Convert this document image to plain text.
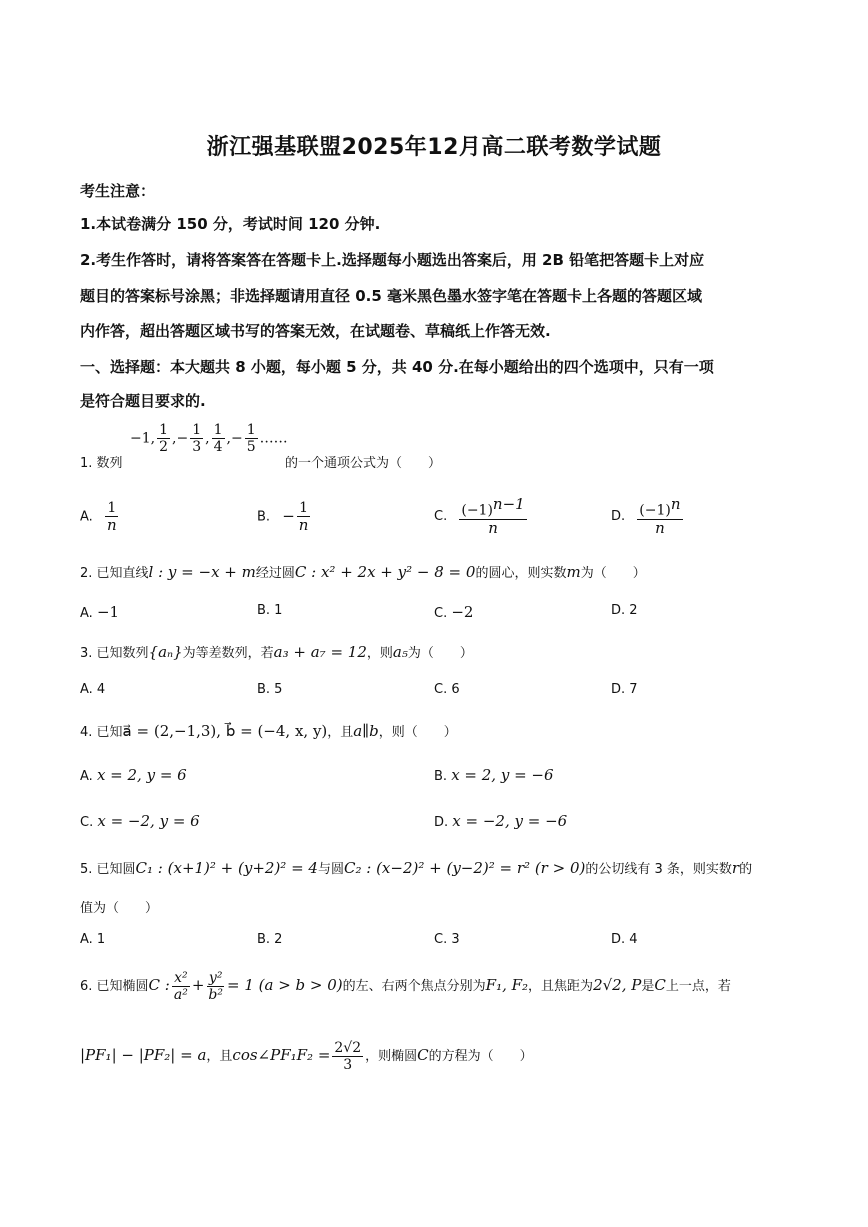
浙江强基联盟2025年12月高二联考数学试题
考生注意：
1.本试卷满分 150 分，考试时间 120 分钟.
2.考生作答时，请将答案答在答题卡上.选择题每小题选出答案后，用 2B 铅笔把答题卡上对应
题目的答案标号涂黑；非选择题请用直径 0.5 毫米黑色墨水签字笔在答题卡上各题的答题区域
内作答，超出答题区域书写的答案无效，在试题卷、草稿纸上作答无效.
一、选择题：本大题共 8 小题，每小题 5 分，共 40 分.在每小题给出的四个选项中，只有一项
是符合题目要求的.
1. 数列
−1, $\frac{1}{2}$ ,− $\frac{1}{3}$ , $\frac{1}{4}$ ,− $\frac{1}{5}$ ……
的一个通项公式为（　　）
A. $\frac{1}{n}$	B. − $\frac{1}{n}$	C. $\frac{(-1)^{n-1}}{n}$	D. $\frac{(-1)^n}{n}$
2. 已知直线l : y = −x + m经过圆C : x² + 2x + y² − 8 = 0的圆心，则实数m为（　　）
A. −1	B. 1	C. −2	D. 2
3. 已知数列{aₙ}为等差数列，若a₃ + a₇ = 12，则a₅为（　　）
A. 4	B. 5	C. 6	D. 7
4. 已知a⃗ = (2,−1,3), b⃗ = (−4, x, y)，且a∥b，则（　　）
A. x = 2, y = 6	B. x = 2, y = −6
C. x = −2, y = 6	D. x = −2, y = −6
5. 已知圆C₁ : (x+1)² + (y+2)² = 4与圆C₂ : (x−2)² + (y−2)² = r² (r > 0)的公切线有 3 条，则实数r的
值为（　　）
A. 1	B. 2	C. 3	D. 4
6. 已知椭圆C : $\frac{\text{x²}}{\text{a²}} + \frac{\text{y²}}{\text{b²}} = 1$ (a > b > 0)的左、右两个焦点分别为F₁, F₂，且焦距为2√2, P是C上一点，若
|PF₁| − |PF₂| = a，且cos∠PF₁F₂ = $\frac{2√2}{3}$ ，则椭圆C的方程为（　　）
